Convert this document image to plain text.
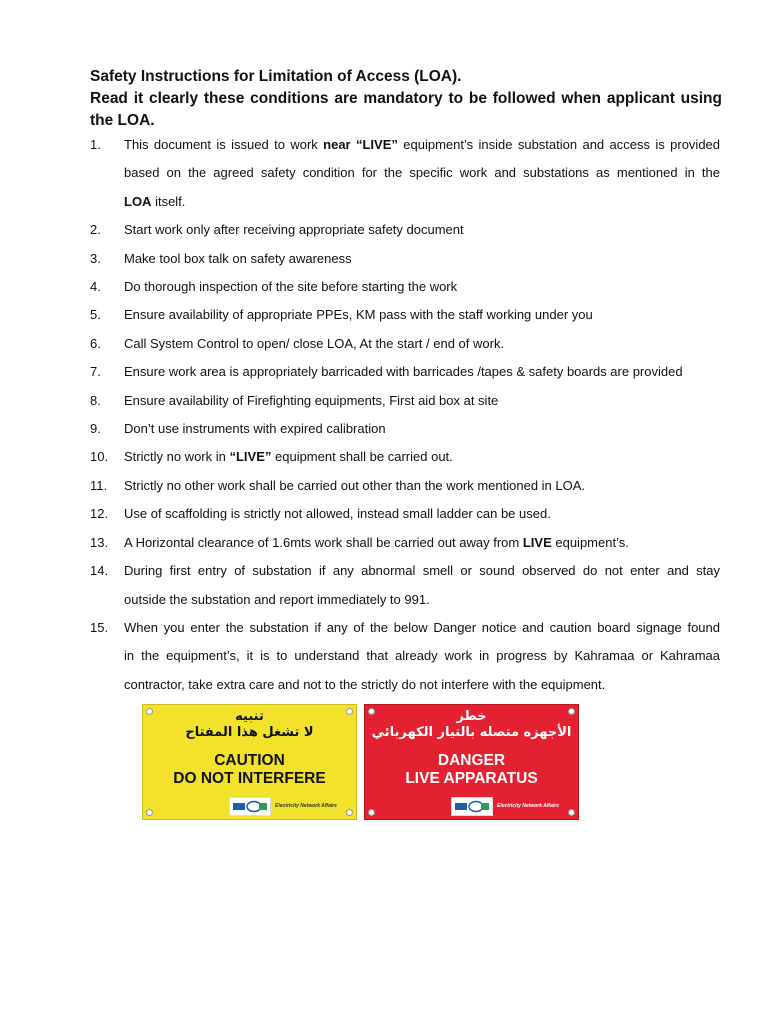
Safety Instructions for Limitation of Access (LOA).
Read it clearly these conditions are mandatory to be followed when applicant using
the LOA.
1.	This document is issued to work near “LIVE” equipment’s inside substation and access is provided
based on the agreed safety condition for the specific work and substations as mentioned in the
LOA itself.
2.	Start work only after receiving appropriate safety document
3.	Make tool box talk on safety awareness
4.	Do thorough inspection of the site before starting the work
5.	Ensure availability of appropriate PPEs, KM pass with the staff working under you
6.	Call System Control to open/ close LOA, At the start / end of work.
7.	Ensure work area is appropriately barricaded with barricades /tapes & safety boards are provided
8.	Ensure availability of Firefighting equipments, First aid box at site
9.	Don’t use instruments with expired calibration
10.	Strictly no work in “LIVE” equipment shall be carried out.
11.	Strictly no other work shall be carried out other than the work mentioned in LOA.
12.	Use of scaffolding is strictly not allowed, instead small ladder can be used.
13.	A Horizontal clearance of 1.6mts work shall be carried out away from LIVE equipment’s.
14.	During first entry of substation if any abnormal smell or sound observed do not enter and stay
outside the substation and report immediately to 991.
15.	When you enter the substation if any of the below Danger notice and caution board signage found
in the equipment’s, it is to understand that already work in progress by Kahramaa or Kahramaa
contractor, take extra care and not to the strictly do not interfere with the equipment.
تنبيه
لا تشغل هذا المفتاح
CAUTION
DO NOT INTERFERE
Electricity Network Affairs
خطر
الأجهزه متصله بالتيار الكهربائي
DANGER
LIVE APPARATUS
Electricity Network Affairs
